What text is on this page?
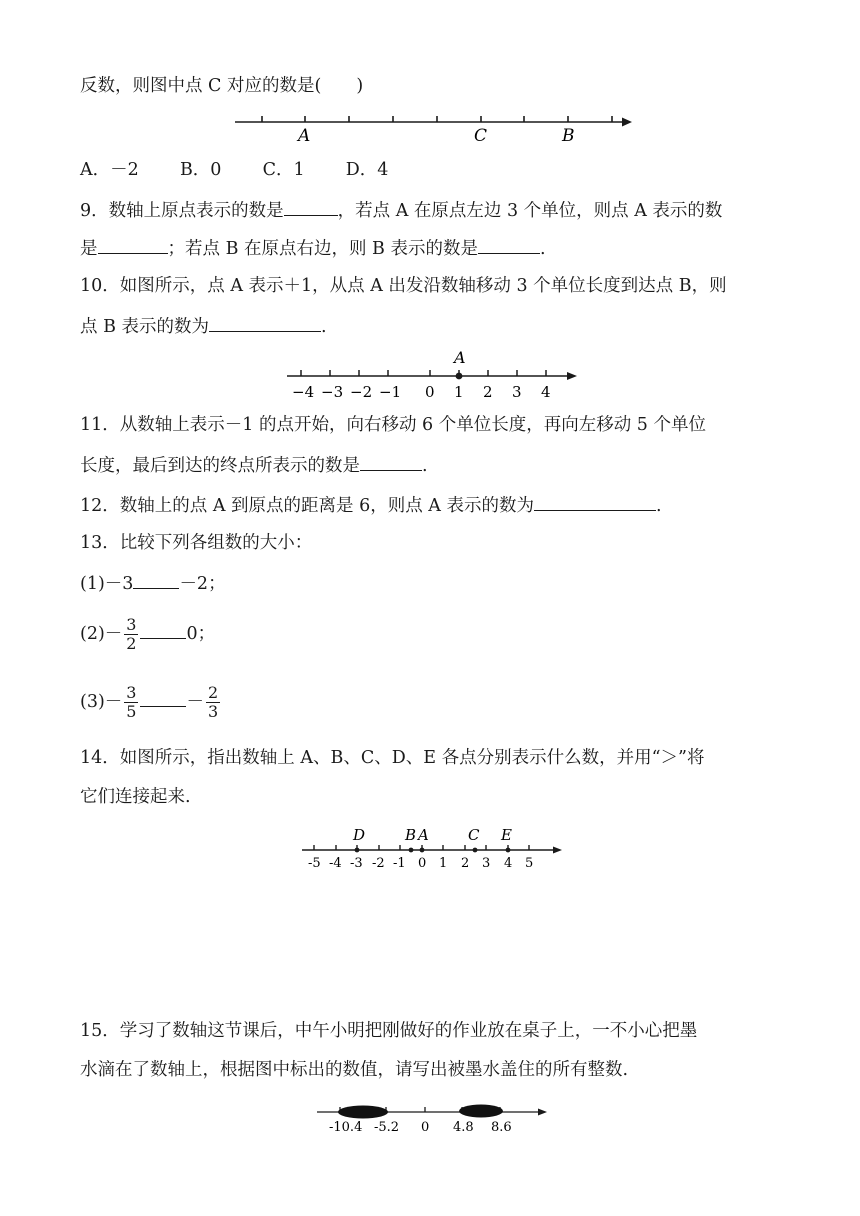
反数，则图中点 C 对应的数是(　　)
A	C	B
A．－2 B．0 C．1 D．4
9．数轴上原点表示的数是	，若点 A 在原点左边 3 个单位，则点 A 表示的数
是	；若点 B 在原点右边，则 B 表示的数是	.
10．如图所示，点 A 表示＋1，从点 A 出发沿数轴移动 3 个单位长度到达点 B，则
点 B 表示的数为	.
A
−4 −3 −2 −1 0 1 2 3 4
11．从数轴上表示－1 的点开始，向右移动 6 个单位长度，再向左移动 5 个单位
长度，最后到达的终点所表示的数是	.
12．数轴上的点 A 到原点的距离是 6，则点 A 表示的数为	.
13．比较下列各组数的大小：
(1)－3	－2；
$(2)- \frac{3}{2}$	0；
$(3)- \frac{3}{5}$	－ $\frac{2}{3}$
14．如图所示，指出数轴上 A、B、C、D、E 各点分别表示什么数，并用“＞”将
它们连接起来.
D	B A	C E
-5 -4 -3 -2 -1 0 1 2 3 4 5
15．学习了数轴这节课后，中午小明把刚做好的作业放在桌子上，一不小心把墨
水滴在了数轴上，根据图中标出的数值，请写出被墨水盖住的所有整数.
-10.4 -5.2 0 4.8 8.6
